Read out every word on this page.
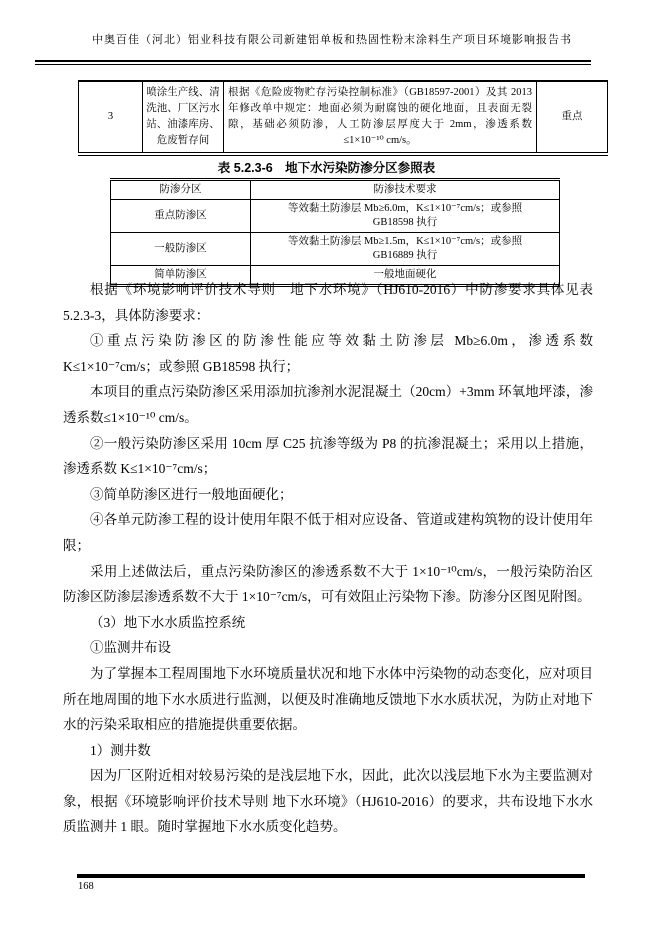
中奥百佳（河北）铝业科技有限公司新建铝单板和热固性粉末涂料生产项目环境影响报告书
3	喷涂生产线、清洗池、厂区污水站、油漆库房、危废暂存间	根据《危险废物贮存污染控制标准》（GB18597-2001）及其 2013 年修改单中规定：地面必须为耐腐蚀的硬化地面，且表面无裂隙，基础必须防渗，人工防渗层厚度大于 2mm，渗透系数≤1×10⁻¹⁰ cm/s。	重点
表 5.2.3-6　地下水污染防渗分区参照表
防渗分区	防渗技术要求
重点防渗区	等效黏土防渗层 Mb≥6.0m，K≤1×10⁻⁷cm/s；或参照
GB18598 执行

一般防渗区	等效黏土防渗层 Mb≥1.5m，K≤1×10⁻⁷cm/s；或参照
GB16889 执行

简单防渗区	一般地面硬化

根据《环境影响评价技术导则　地下水环境》（HJ610-2016）中防渗要求具体见表5.2.3-3，具体防渗要求：

①重点污染防渗区的防渗性能应等效黏土防渗层 Mb≥6.0m，渗透系数 K≤1×10⁻⁷cm/s；或参照 GB18598 执行；

本项目的重点污染防渗区采用添加抗渗剂水泥混凝土（20cm）+3mm 环氧地坪漆，渗透系数≤1×10⁻¹⁰ cm/s。

②一般污染防渗区采用 10cm 厚 C25 抗渗等级为 P8 的抗渗混凝土；采用以上措施，渗透系数 K≤1×10⁻⁷cm/s；

③简单防渗区进行一般地面硬化；

④各单元防渗工程的设计使用年限不低于相对应设备、管道或建构筑物的设计使用年限；

采用上述做法后，重点污染防渗区的渗透系数不大于 1×10⁻¹⁰cm/s，一般污染防治区防渗区防渗层渗透系数不大于 1×10⁻⁷cm/s，可有效阻止污染物下渗。防渗分区图见附图。

（3）地下水水质监控系统

①监测井布设

为了掌握本工程周围地下水环境质量状况和地下水体中污染物的动态变化，应对项目所在地周围的地下水水质进行监测，以便及时准确地反馈地下水水质状况，为防止对地下水的污染采取相应的措施提供重要依据。

1）测井数

因为厂区附近相对较易污染的是浅层地下水，因此，此次以浅层地下水为主要监测对象，根据《环境影响评价技术导则 地下水环境》（HJ610-2016）的要求，共布设地下水水质监测井 1 眼。随时掌握地下水水质变化趋势。

168
